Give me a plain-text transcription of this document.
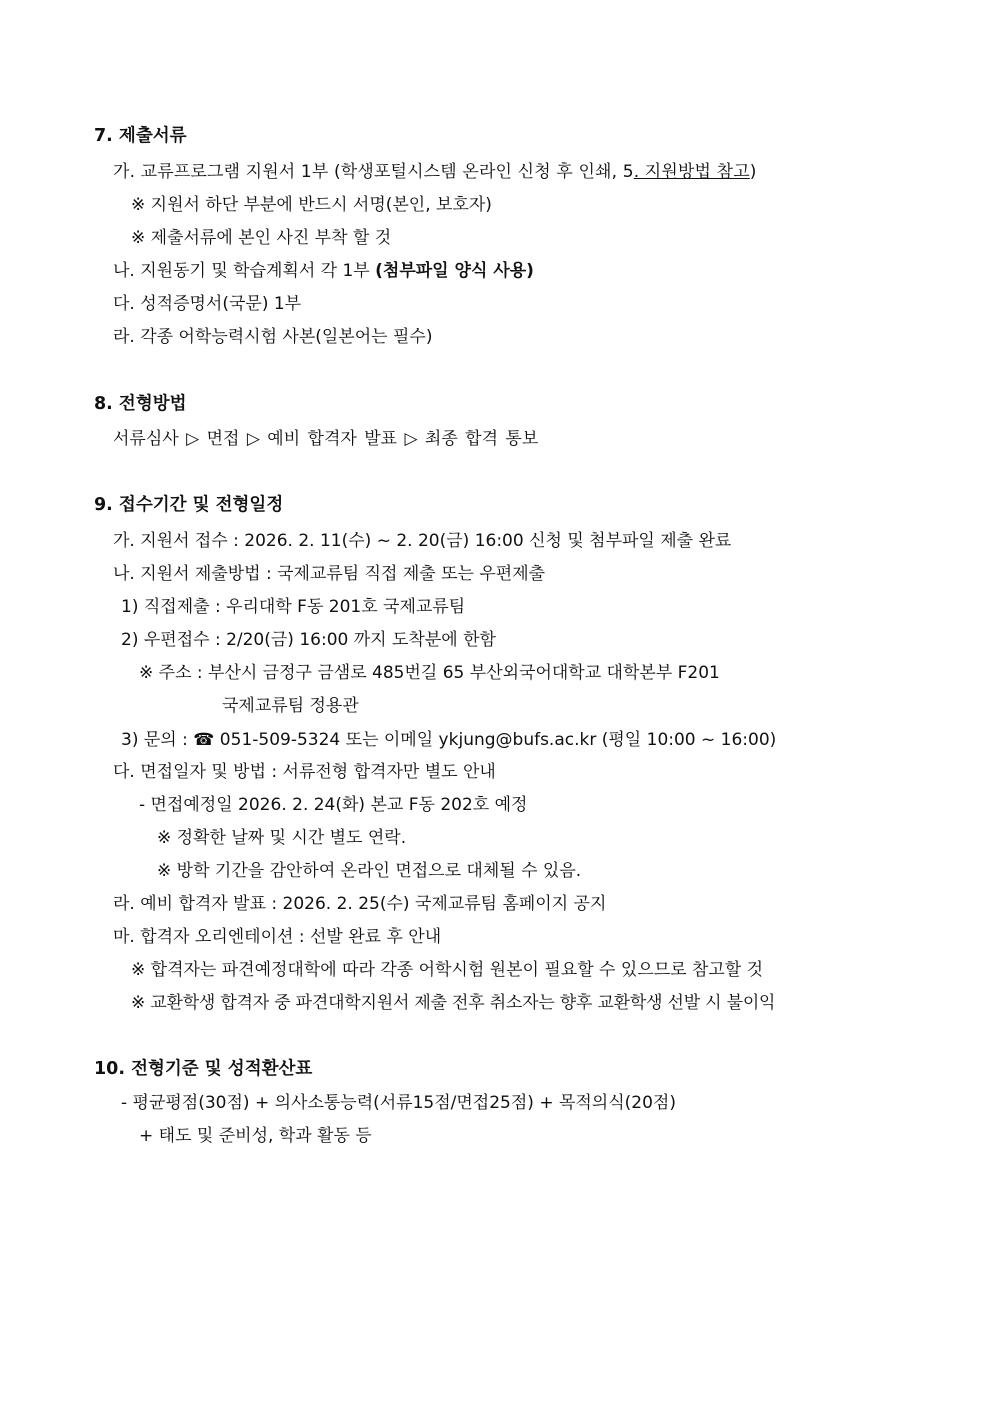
7. 제출서류
가. 교류프로그램 지원서 1부 (학생포털시스템 온라인 신청 후 인쇄, 5. 지원방법 참고)
※ 지원서 하단 부분에 반드시 서명(본인, 보호자)
※ 제출서류에 본인 사진 부착 할 것
나. 지원동기 및 학습계획서 각 1부 (첨부파일 양식 사용)
다. 성적증명서(국문) 1부
라. 각종 어학능력시험 사본(일본어는 필수)
8. 전형방법
서류심사 ▷ 면접 ▷ 예비 합격자 발표 ▷ 최종 합격 통보
9. 접수기간 및 전형일정
가. 지원서 접수 : 2026. 2. 11(수) ~ 2. 20(금) 16:00 신청 및 첨부파일 제출 완료
나. 지원서 제출방법 : 국제교류팀 직접 제출 또는 우편제출
1) 직접제출 : 우리대학 F동 201호 국제교류팀
2) 우편접수 : 2/20(금) 16:00 까지 도착분에 한함
※ 주소 : 부산시 금정구 금샘로 485번길 65 부산외국어대학교 대학본부 F201
국제교류팀 정용관
3) 문의 : ☎ 051-509-5324 또는 이메일 ykjung@bufs.ac.kr (평일 10:00 ~ 16:00)
다. 면접일자 및 방법 : 서류전형 합격자만 별도 안내
- 면접예정일 2026. 2. 24(화) 본교 F동 202호 예정
※ 정확한 날짜 및 시간 별도 연락.
※ 방학 기간을 감안하여 온라인 면접으로 대체될 수 있음.
라. 예비 합격자 발표 : 2026. 2. 25(수) 국제교류팀 홈페이지 공지
마. 합격자 오리엔테이션 : 선발 완료 후 안내
※ 합격자는 파견예정대학에 따라 각종 어학시험 원본이 필요할 수 있으므로 참고할 것
※ 교환학생 합격자 중 파견대학지원서 제출 전후 취소자는 향후 교환학생 선발 시 불이익
10. 전형기준 및 성적환산표
- 평균평점(30점) + 의사소통능력(서류15점/면접25점) + 목적의식(20점)
+ 태도 및 준비성, 학과 활동 등
